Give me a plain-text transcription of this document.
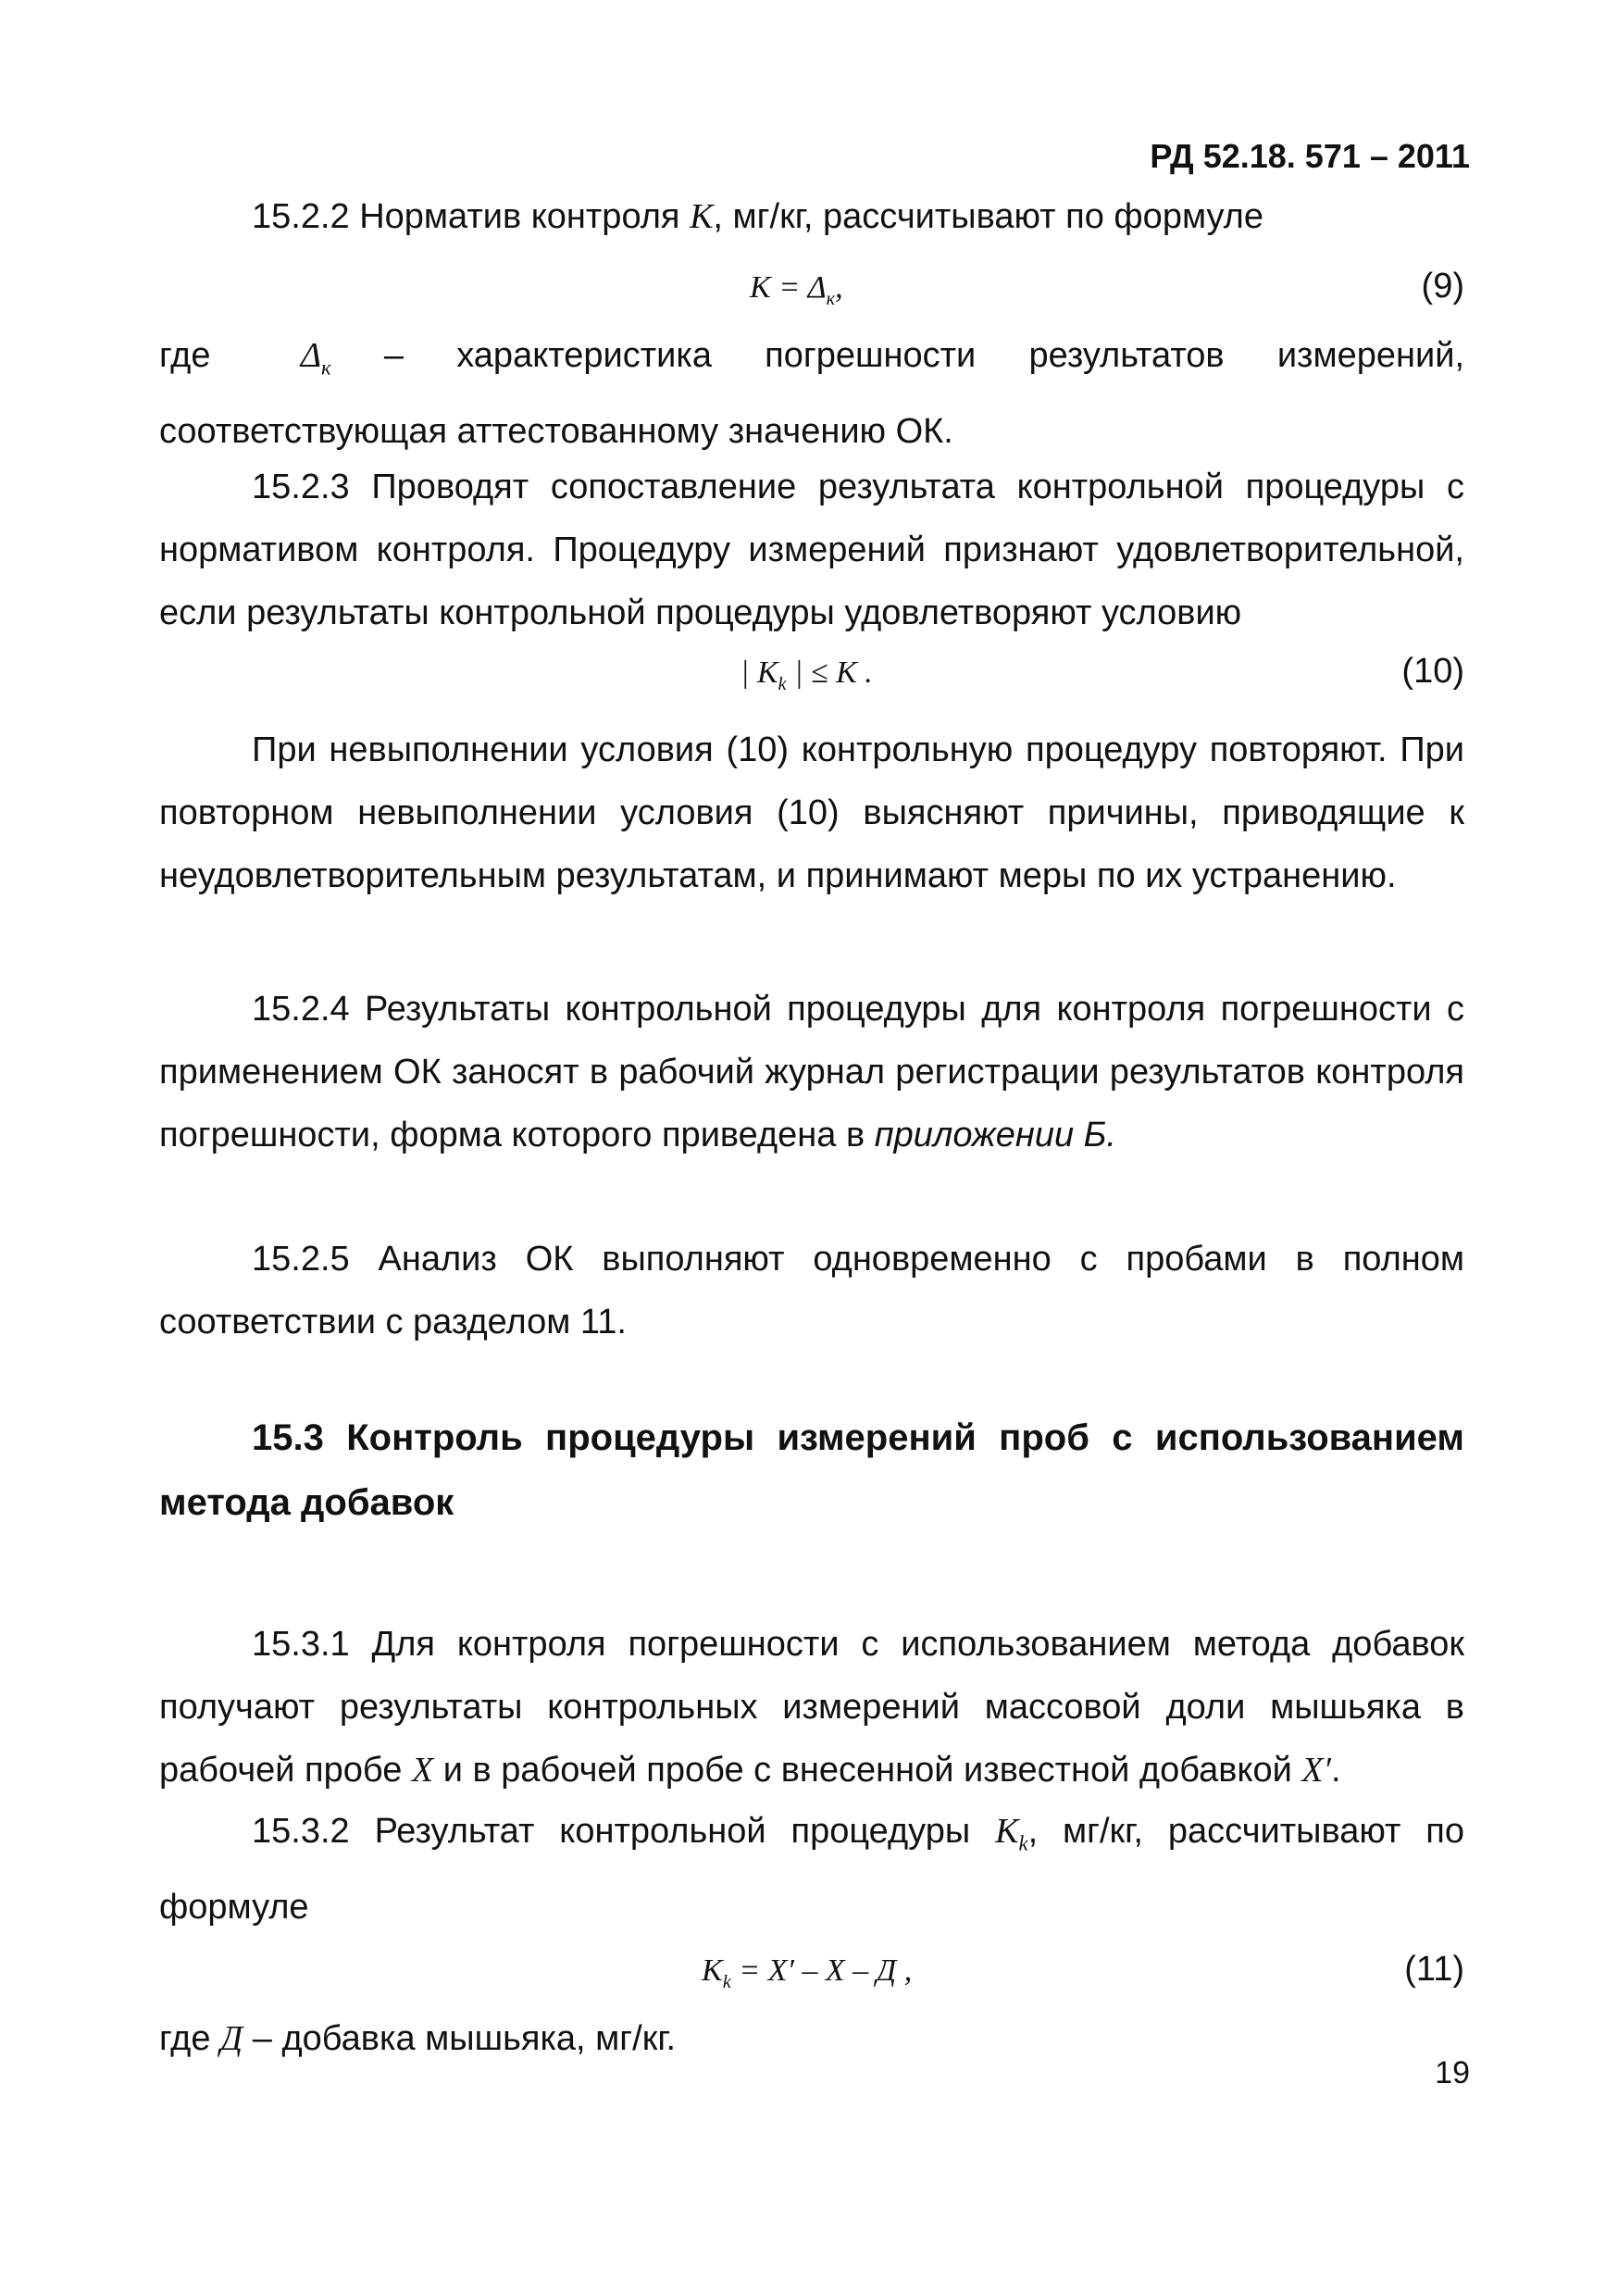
РД 52.18. 571 – 2011

15.2.2 Норматив контроля K, мг/кг, рассчитывают по формуле

$K = \Delta_к$,	(9)

где	$\Delta_к$ – характеристика погрешности результатов измерений, соответствующая аттестованному значению ОК.

15.2.3 Проводят сопоставление результата контрольной процедуры с нормативом контроля. Процедуру измерений признают удовлетворительной, если результаты контрольной процедуры удовлетворяют условию

| $K_k$ | ≤ K .	(10)

При невыполнении условия (10) контрольную процедуру повторяют. При повторном невыполнении условия (10) выясняют причины, приводящие к неудовлетворительным результатам, и принимают меры по их устранению.

15.2.4 Результаты контрольной процедуры для контроля погрешности с применением ОК заносят в рабочий журнал регистрации результатов контроля погрешности, форма которого приведена в приложении Б.

15.2.5 Анализ ОК выполняют одновременно с пробами в полном соответствии с разделом 11.

15.3 Контроль процедуры измерений проб с использованием метода добавок

15.3.1 Для контроля погрешности с использованием метода добавок получают результаты контрольных измерений массовой доли мышьяка в рабочей пробе X и в рабочей пробе с внесенной известной добавкой X′.

15.3.2 Результат контрольной процедуры $K_k$, мг/кг, рассчитывают по формуле

$K_k = X' - X - Д$ ,	(11)

где Д – добавка мышьяка, мг/кг.

19
